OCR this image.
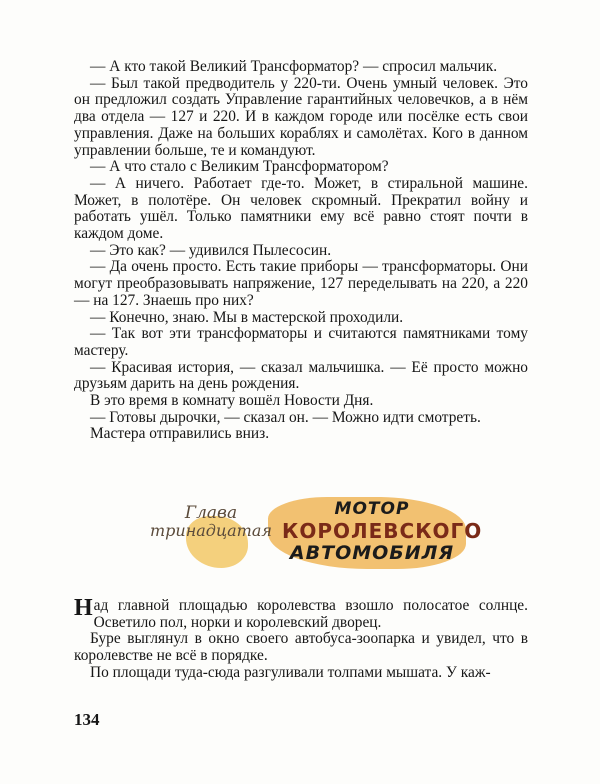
— А кто такой Великий Трансформатор? — спросил мальчик.

— Был такой предводитель у 220-ти. Очень умный человек. Это он предложил создать Управление гарантийных человечков, а в нём два отдела — 127 и 220. И в каждом городе или посёлке есть свои управления. Даже на больших кораблях и самолётах. Кого в данном управлении больше, те и командуют.

— А что стало с Великим Трансформатором?

— А ничего. Работает где-то. Может, в стиральной машине. Может, в полотёре. Он человек скромный. Прекратил войну и работать ушёл. Только памятники ему всё равно стоят почти в каждом доме.

— Это как? — удивился Пылесосин.

— Да очень просто. Есть такие приборы — трансформаторы. Они могут преобразовывать напряжение, 127 переделывать на 220, а 220 — на 127. Знаешь про них?

— Конечно, знаю. Мы в мастерской проходили.

— Так вот эти трансформаторы и считаются памятниками тому мастеру.

— Красивая история, — сказал мальчишка. — Её просто можно друзьям дарить на день рождения.

В это время в комнату вошёл Новости Дня.

— Готовы дырочки, — сказал он. — Можно идти смотреть.

Мастера отправились вниз.

Глава
тринадцатая
МОТОР
КОРОЛЕВСКОГО
АВТОМОБИЛЯ

Над главной площадью королевства взошло полосатое солнце. Осветило пол, норки и королевский дворец.

Буре выглянул в окно своего автобуса-зоопарка и увидел, что в королевстве не всё в порядке.

По площади туда-сюда разгуливали толпами мышата. У каж-

134
